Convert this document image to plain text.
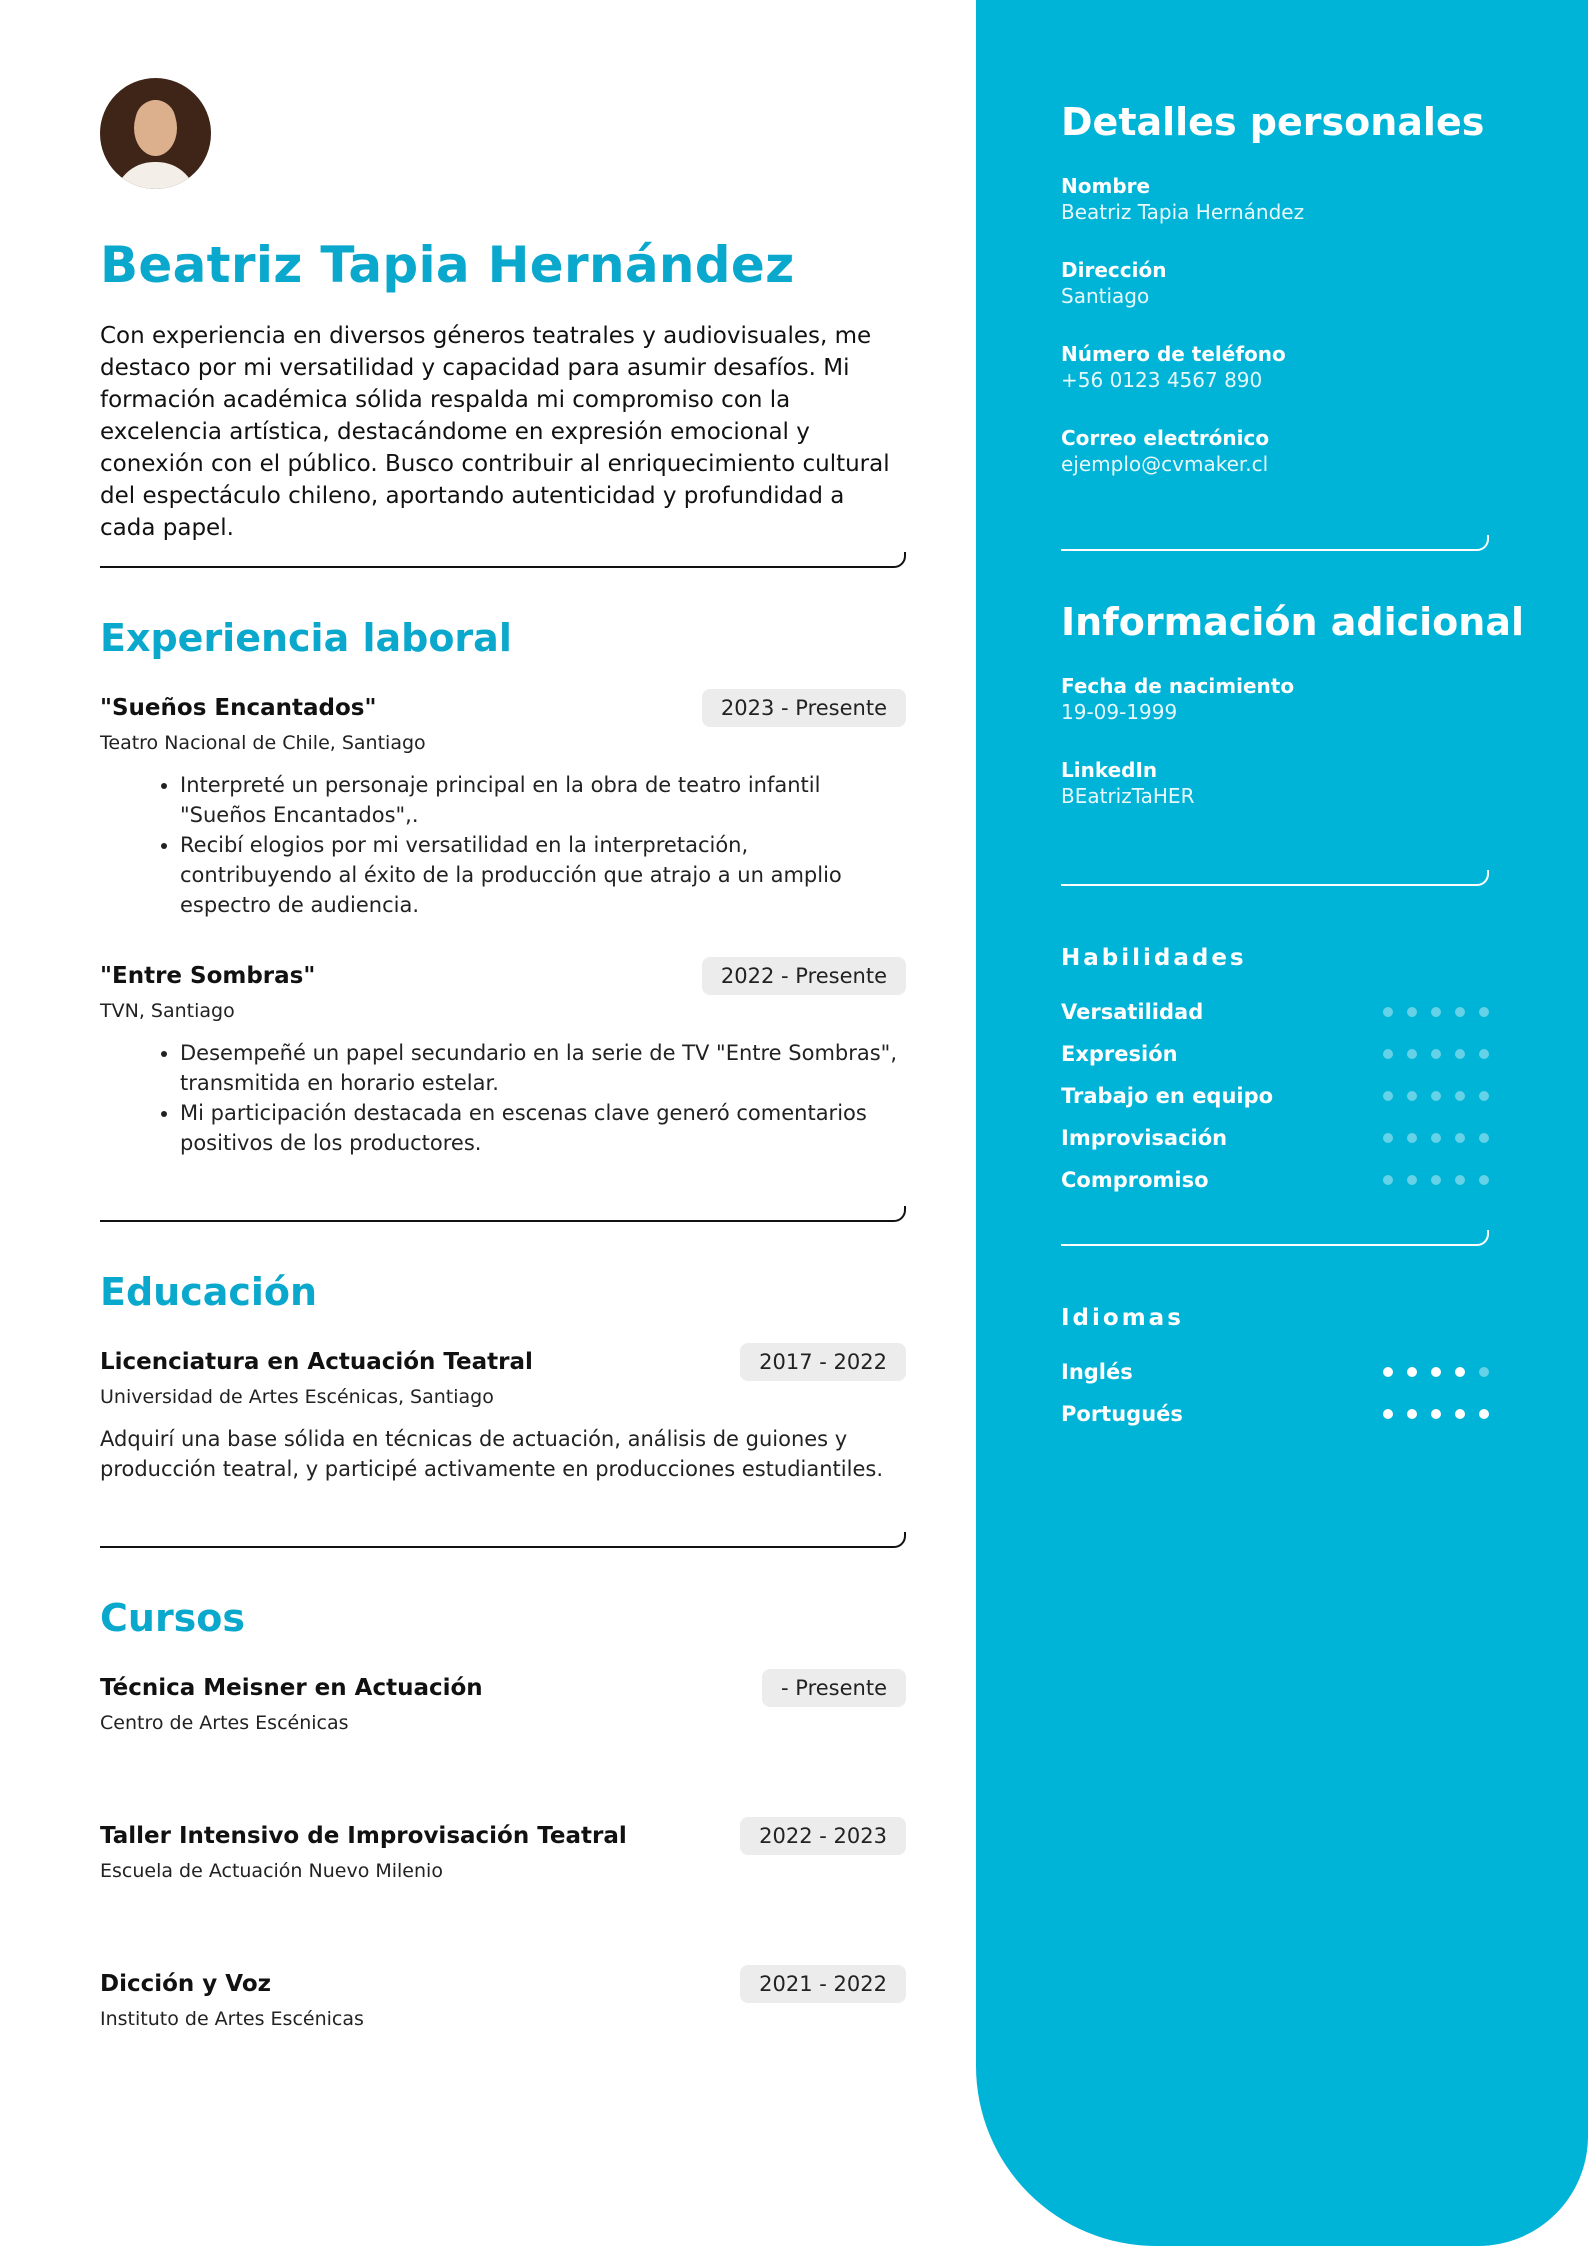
Beatriz Tapia Hernández
Con experiencia en diversos géneros teatrales y audiovisuales, me destaco por mi versatilidad y capacidad para asumir desafíos. Mi formación académica sólida respalda mi compromiso con la excelencia artística, destacándome en expresión emocional y conexión con el público. Busco contribuir al enriquecimiento cultural del espectáculo chileno, aportando autenticidad y profundidad a cada papel.
Experiencia laboral
"Sueños Encantados"	2023 - Presente
Teatro Nacional de Chile, Santiago
• Interpreté un personaje principal en la obra de teatro infantil "Sueños Encantados",.
• Recibí elogios por mi versatilidad en la interpretación, contribuyendo al éxito de la producción que atrajo a un amplio espectro de audiencia.
"Entre Sombras"	2022 - Presente
TVN, Santiago
• Desempeñé un papel secundario en la serie de TV "Entre Sombras", transmitida en horario estelar.
• Mi participación destacada en escenas clave generó comentarios positivos de los productores.
Educación
Licenciatura en Actuación Teatral	2017 - 2022
Universidad de Artes Escénicas, Santiago

Adquirí una base sólida en técnicas de actuación, análisis de guiones y producción teatral, y participé activamente en producciones estudiantiles.

Cursos
Técnica Meisner en Actuación	- Presente
Centro de Artes Escénicas
Taller Intensivo de Improvisación Teatral	2022 - 2023
Escuela de Actuación Nuevo Milenio
Dicción y Voz	2021 - 2022
Instituto de Artes Escénicas
Detalles personales
Nombre
Beatriz Tapia Hernández
Dirección
Santiago
Número de teléfono
+56 0123 4567 890
Correo electrónico
ejemplo@cvmaker.cl
Información adicional
Fecha de nacimiento
19-09-1999
LinkedIn
BEatrizTaHER
Habilidades
Versatilidad
Expresión
Trabajo en equipo
Improvisación
Compromiso
Idiomas
Inglés
Portugués
